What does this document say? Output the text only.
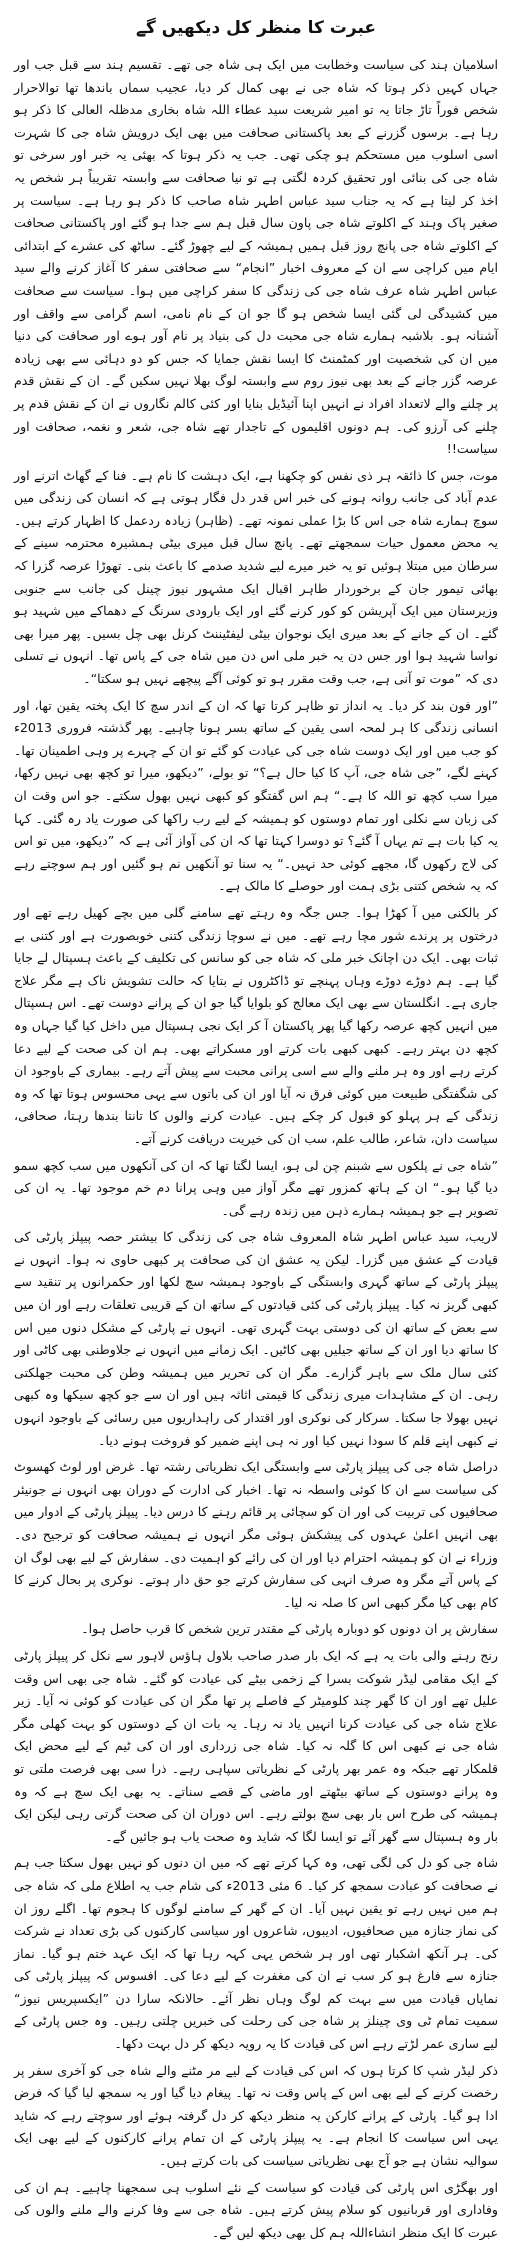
عبرت کا منظر کل دیکھیں گے

اسلامیان ہند کی سیاست وخطابت میں ایک ہی شاہ جی تھے۔ تقسیم ہند سے قبل جب اور جہاں کہیں ذکر ہوتا کہ شاہ جی نے بھی کمال کر دیا، عجیب سماں باندھا تھا توالاحرار شخص فوراً تاڑ جاتا یہ تو امیر شریعت سید عطاء اللہ شاہ بخاری مدظلہ العالی کا ذکر ہو رہا ہے۔ برسوں گزرنے کے بعد پاکستانی صحافت میں بھی ایک درویش شاہ جی کا شہرت اسی اسلوب میں مستحکم ہو چکی تھی۔ جب یہ ذکر ہوتا کہ بھئی یہ خبر اور سرخی تو شاہ جی کی بنائی اور تحقیق کردہ لگتی ہے تو نیا صحافت سے وابستہ تقریباً ہر شخص یہ اخذ کر لیتا ہے کہ یہ جناب سید عباس اطہر شاہ صاحب کا ذکر ہو رہا ہے۔ سیاست پر صغیر پاک وہند کے اکلوتے شاہ جی پاون سال قبل ہم سے جدا ہو گئے اور پاکستانی صحافت کے اکلوتے شاہ جی پانچ روز قبل ہمیں ہمیشہ کے لیے چھوڑ گئے۔ ساٹھ کی عشرے کے ابتدائی ایام میں کراچی سے ان کے معروف اخبار ”انجام“ سے صحافتی سفر کا آغاز کرنے والے سید عباس اطہر شاہ عرف شاہ جی کی زندگی کا سفر کراچی میں ہوا۔ سیاست سے صحافت میں کشیدگی لی گئی ایسا شخص ہو گا جو ان کے نام نامی، اسم گرامی سے واقف اور آشنانہ ہو۔ بلاشبہ ہمارے شاہ جی محبت دل کی بنیاد پر نام آور ہوے اور صحافت کی دنیا میں ان کی شخصیت اور کمٹمنٹ کا ایسا نقش جمایا کہ جس کو دو دہائی سے بھی زیادہ عرصہ گزر جانے کے بعد بھی نیوز روم سے وابستہ لوگ بھلا نہیں سکیں گے۔ ان کے نقش قدم پر چلنے والے لاتعداد افراد نے انہیں اپنا آئیڈیل بنایا اور کئی کالم نگاروں نے ان کے نقش قدم پر چلنے کی آرزو کی۔ ہم دونوں اقلیموں کے تاجدار تھے شاہ جی، شعر و نغمہ، صحافت اور سیاست!!

موت، جس کا ذائقہ ہر ذی نفس کو چکھنا ہے، ایک دہشت کا نام ہے۔ فنا کے گھاٹ اترنے اور عدم آباد کی جانب روانہ ہونے کی خبر اس قدر دل فگار ہوتی ہے کہ انسان کی زندگی میں سوچ ہمارے شاہ جی اس کا بڑا عملی نمونہ تھے۔ (ظاہر) زیادہ ردعمل کا اظہار کرتے ہیں۔ یہ محض معمول حیات سمجھتے تھے۔ پانچ سال قبل میری بیٹی ہمشیرہ محترمہ سینے کے سرطان میں مبتلا ہوئیں تو یہ خبر میرے لیے شدید صدمے کا باعث بنی۔ تھوڑا عرصہ گزرا کہ بھائی تیمور جان کے برخوردار طاہر اقبال ایک مشہور نیوز چینل کی جانب سے جنوبی وزیرستان میں ایک آپریشن کو کور کرنے گئے اور ایک بارودی سرنگ کے دھماکے میں شہید ہو گئے۔ ان کے جانے کے بعد میری ایک نوجوان بیٹی لیفٹیننٹ کرنل بھی چل بسیں۔ پھر میرا بھی نواسا شہید ہوا اور جس دن یہ خبر ملی اس دن میں شاہ جی کے پاس تھا۔ انہوں نے تسلی دی کہ ”موت تو آنی ہے، جب وقت مقرر ہو تو کوئی آگے پیچھے نہیں ہو سکتا“۔

”اور فون بند کر دیا۔ یہ انداز تو ظاہر کرتا تھا کہ ان کے اندر سچ کا ایک پختہ یقین تھا، اور انسانی زندگی کا ہر لمحہ اسی یقین کے ساتھ بسر ہونا چاہیے۔ پھر گذشتہ فروری 2013ء کو جب میں اور ایک دوست شاہ جی کی عیادت کو گئے تو ان کے چہرے پر وہی اطمینان تھا۔ کہنے لگے، ”جی شاہ جی، آپ کا کیا حال ہے؟“ تو بولے، ”دیکھو، میرا تو کچھ بھی نہیں رکھا، میرا سب کچھ تو اللہ کا ہے۔“ ہم اس گفتگو کو کبھی نہیں بھول سکتے۔ جو اس وقت ان کی زبان سے نکلی اور تمام دوستوں کو ہمیشہ کے لیے رب راکھا کی صورت یاد رہ گئی۔ کہا یہ کیا بات ہے تم یہاں آ گئے؟ تو دوسرا کہتا تھا کہ ان کی آواز آئی ہے کہ ”دیکھو، میں تو اس کی لاج رکھوں گا، مجھے کوئی حد نہیں۔“ یہ سنا تو آنکھیں نم ہو گئیں اور ہم سوچتے رہے کہ یہ شخص کتنی بڑی ہمت اور حوصلے کا مالک ہے۔

کر بالکنی میں آ کھڑا ہوا۔ جس جگہ وہ رہتے تھے سامنے گلی میں بچے کھیل رہے تھے اور درختوں پر پرندے شور مچا رہے تھے۔ میں نے سوچا زندگی کتنی خوبصورت ہے اور کتنی بے ثبات بھی۔ ایک دن اچانک خبر ملی کہ شاہ جی کو سانس کی تکلیف کے باعث ہسپتال لے جایا گیا ہے۔ ہم دوڑے دوڑے وہاں پہنچے تو ڈاکٹروں نے بتایا کہ حالت تشویش ناک ہے مگر علاج جاری ہے۔ انگلستان سے بھی ایک معالج کو بلوایا گیا جو ان کے پرانے دوست تھے۔ اس ہسپتال میں انہیں کچھ عرصہ رکھا گیا پھر پاکستان آ کر ایک نجی ہسپتال میں داخل کیا گیا جہاں وہ کچھ دن بہتر رہے۔ کبھی کبھی بات کرتے اور مسکراتے بھی۔ ہم ان کی صحت کے لیے دعا کرتے رہے اور وہ ہر ملنے والے سے اسی پرانی محبت سے پیش آتے رہے۔ بیماری کے باوجود ان کی شگفتگی طبیعت میں کوئی فرق نہ آیا اور ان کی باتوں سے یہی محسوس ہوتا تھا کہ وہ زندگی کے ہر پہلو کو قبول کر چکے ہیں۔ عیادت کرنے والوں کا تانتا بندھا رہتا، صحافی، سیاست دان، شاعر، طالب علم، سب ان کی خیریت دریافت کرنے آتے۔

”شاہ جی نے پلکوں سے شبنم چن لی ہو، ایسا لگتا تھا کہ ان کی آنکھوں میں سب کچھ سمو دیا گیا ہو۔“ ان کے ہاتھ کمزور تھے مگر آواز میں وہی پرانا دم خم موجود تھا۔ یہ ان کی تصویر ہے جو ہمیشہ ہمارے ذہن میں زندہ رہے گی۔

لاریب، سید عباس اطہر شاہ المعروف شاہ جی کی زندگی کا بیشتر حصہ پیپلز پارٹی کی قیادت کے عشق میں گزرا۔ لیکن یہ عشق ان کی صحافت پر کبھی حاوی نہ ہوا۔ انہوں نے پیپلز پارٹی کے ساتھ گہری وابستگی کے باوجود ہمیشہ سچ لکھا اور حکمرانوں پر تنقید سے کبھی گریز نہ کیا۔ پیپلز پارٹی کی کئی قیادتوں کے ساتھ ان کے قریبی تعلقات رہے اور ان میں سے بعض کے ساتھ ان کی دوستی بہت گہری تھی۔ انہوں نے پارٹی کے مشکل دنوں میں اس کا ساتھ دیا اور ان کے ساتھ جیلیں بھی کاٹیں۔ ایک زمانے میں انہوں نے جلاوطنی بھی کاٹی اور کئی سال ملک سے باہر گزارے۔ مگر ان کی تحریر میں ہمیشہ وطن کی محبت جھلکتی رہی۔ ان کے مشاہدات میری زندگی کا قیمتی اثاثہ ہیں اور ان سے جو کچھ سیکھا وہ کبھی نہیں بھولا جا سکتا۔ سرکار کی نوکری اور اقتدار کی راہداریوں میں رسائی کے باوجود انہوں نے کبھی اپنے قلم کا سودا نہیں کیا اور نہ ہی اپنے ضمیر کو فروخت ہونے دیا۔

دراصل شاہ جی کی پیپلز پارٹی سے وابستگی ایک نظریاتی رشتہ تھا۔ غرض اور لوٹ کھسوٹ کی سیاست سے ان کا کوئی واسطہ نہ تھا۔ اخبار کی ادارت کے دوران بھی انہوں نے جونیئر صحافیوں کی تربیت کی اور ان کو سچائی پر قائم رہنے کا درس دیا۔ پیپلز پارٹی کے ادوار میں بھی انہیں اعلیٰ عہدوں کی پیشکش ہوئی مگر انہوں نے ہمیشہ صحافت کو ترجیح دی۔ وزراء نے ان کو ہمیشہ احترام دیا اور ان کی رائے کو اہمیت دی۔ سفارش کے لیے بھی لوگ ان کے پاس آتے مگر وہ صرف انہی کی سفارش کرتے جو حق دار ہوتے۔ نوکری پر بحال کرنے کا کام بھی کیا مگر کبھی اس کا صلہ نہ لیا۔

سفارش پر ان دونوں کو دوبارہ پارٹی کے مقتدر ترین شخص کا قرب حاصل ہوا۔

رنج رہنے والی بات یہ ہے کہ ایک بار صدر صاحب بلاول ہاؤس لاہور سے نکل کر پیپلز پارٹی کے ایک مقامی لیڈر شوکت بسرا کے زخمی بیٹے کی عیادت کو گئے۔ شاہ جی بھی اس وقت علیل تھے اور ان کا گھر چند کلومیٹر کے فاصلے پر تھا مگر ان کی عیادت کو کوئی نہ آیا۔ زیر علاج شاہ جی کی عیادت کرنا انہیں یاد نہ رہا۔ یہ بات ان کے دوستوں کو بہت کھلی مگر شاہ جی نے کبھی اس کا گلہ نہ کیا۔ شاہ جی زرداری اور ان کی ٹیم کے لیے محض ایک قلمکار تھے جبکہ وہ عمر بھر پارٹی کے نظریاتی سپاہی رہے۔ ذرا سی بھی فرصت ملتی تو وہ پرانے دوستوں کے ساتھ بیٹھتے اور ماضی کے قصے سناتے۔ یہ بھی ایک سچ ہے کہ وہ ہمیشہ کی طرح اس بار بھی سچ بولتے رہے۔ اس دوران ان کی صحت گرتی رہی لیکن ایک بار وہ ہسپتال سے گھر آئے تو ایسا لگا کہ شاید وہ صحت یاب ہو جائیں گے۔

شاہ جی کو دل کی لگی تھی، وہ کہا کرتے تھے کہ میں ان دنوں کو نہیں بھول سکتا جب ہم نے صحافت کو عبادت سمجھ کر کیا۔ 6 مئی 2013ء کی شام جب یہ اطلاع ملی کہ شاہ جی ہم میں نہیں رہے تو یقین نہیں آیا۔ ان کے گھر کے سامنے لوگوں کا ہجوم تھا۔ اگلے روز ان کی نماز جنازہ میں صحافیوں، ادیبوں، شاعروں اور سیاسی کارکنوں کی بڑی تعداد نے شرکت کی۔ ہر آنکھ اشکبار تھی اور ہر شخص یہی کہہ رہا تھا کہ ایک عہد ختم ہو گیا۔ نماز جنازہ سے فارغ ہو کر سب نے ان کی مغفرت کے لیے دعا کی۔ افسوس کہ پیپلز پارٹی کی نمایاں قیادت میں سے بہت کم لوگ وہاں نظر آئے۔ حالانکہ سارا دن ”ایکسپریس نیوز“ سمیت تمام ٹی وی چینلز پر شاہ جی کی رحلت کی خبریں چلتی رہیں۔ وہ جس پارٹی کے لیے ساری عمر لڑتے رہے اس کی قیادت کا یہ رویہ دیکھ کر دل بہت دکھا۔

ذکر لیڈر شپ کا کرتا ہوں کہ اس کی قیادت کے لیے مر مٹنے والے شاہ جی کو آخری سفر پر رخصت کرنے کے لیے بھی اس کے پاس وقت نہ تھا۔ پیغام دیا گیا اور یہ سمجھ لیا گیا کہ فرض ادا ہو گیا۔ پارٹی کے پرانے کارکن یہ منظر دیکھ کر دل گرفتہ ہوئے اور سوچتے رہے کہ شاید یہی اس سیاست کا انجام ہے۔ یہ پیپلز پارٹی کے ان تمام پرانے کارکنوں کے لیے بھی ایک سوالیہ نشان ہے جو آج بھی نظریاتی سیاست کی بات کرتے ہیں۔

اور بھگڑی اس پارٹی کی قیادت کو سیاست کے نئے اسلوب ہی سمجھنا چاہیے۔ ہم ان کی وفاداری اور قربانیوں کو سلام پیش کرتے ہیں۔ شاہ جی سے وفا کرنے والے ملنے والوں کی عبرت کا ایک منظر انشاءاللہ ہم کل بھی دیکھ لیں گے۔
